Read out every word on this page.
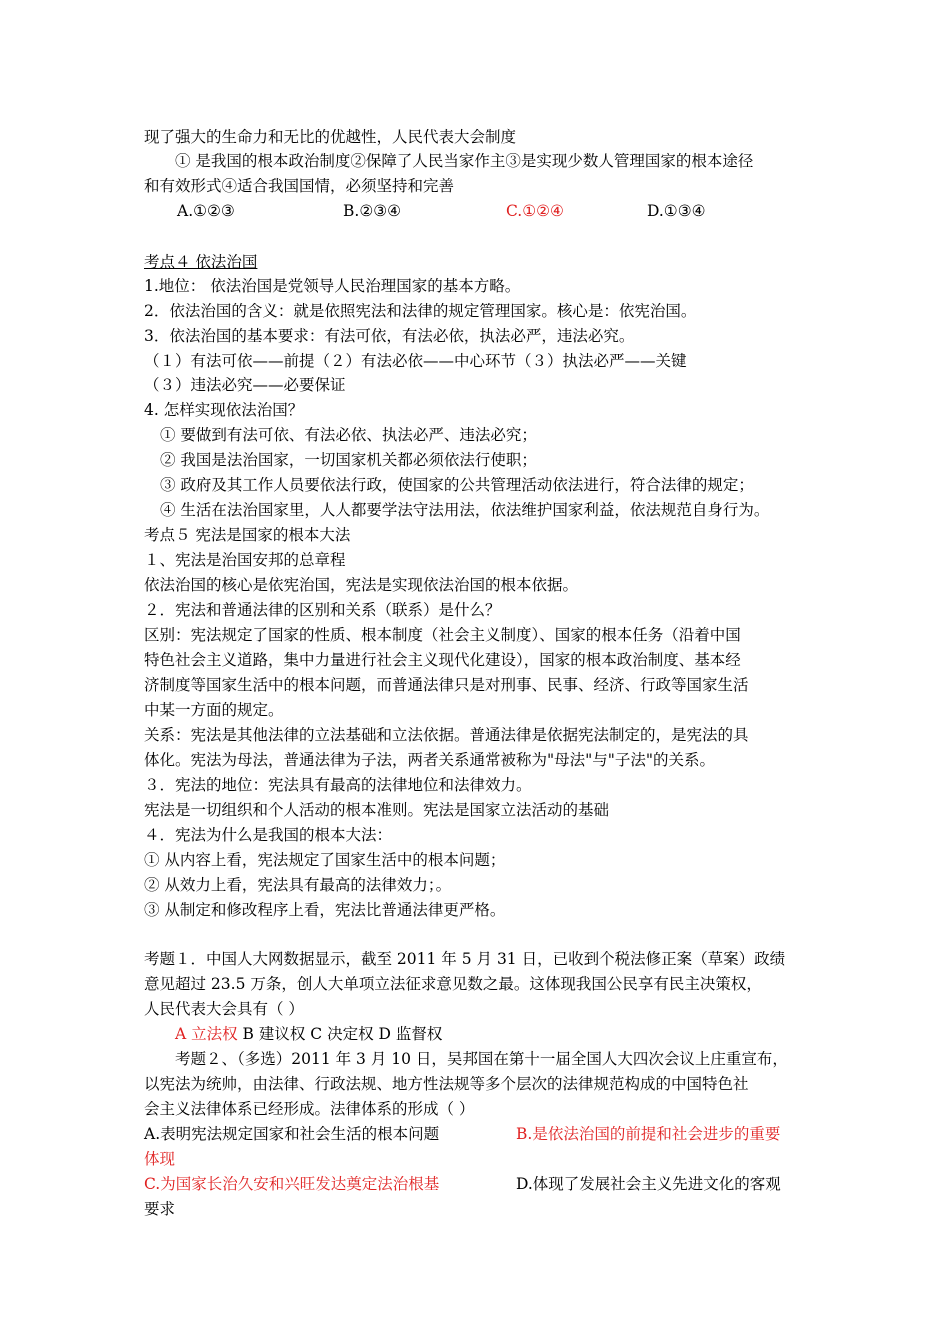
现了强大的生命力和无比的优越性，人民代表大会制度
① 是我国的根本政治制度②保障了人民当家作主③是实现少数人管理国家的根本途径
和有效形式④适合我国国情，必须坚持和完善
A.①②③	B.②③④	C.①②④	D.①③④
考点４ 依法治国
1.地位： 依法治国是党领导人民治理国家的基本方略。
2．依法治国的含义：就是依照宪法和法律的规定管理国家。核心是：依宪治国。
3．依法治国的基本要求：有法可依，有法必依，执法必严，违法必究。
（１）有法可依——前提（２）有法必依——中心环节（３）执法必严——关键
（３）违法必究——必要保证
4. 怎样实现依法治国？
① 要做到有法可依、有法必依、执法必严、违法必究；
② 我国是法治国家，一切国家机关都必须依法行使职；
③ 政府及其工作人员要依法行政，使国家的公共管理活动依法进行，符合法律的规定；
④ 生活在法治国家里，人人都要学法守法用法，依法维护国家利益，依法规范自身行为。
考点５ 宪法是国家的根本大法
１、宪法是治国安邦的总章程
依法治国的核心是依宪治国，宪法是实现依法治国的根本依据。
２．宪法和普通法律的区别和关系（联系）是什么？
区别：宪法规定了国家的性质、根本制度（社会主义制度）、国家的根本任务（沿着中国
特色社会主义道路，集中力量进行社会主义现代化建设），国家的根本政治制度、基本经
济制度等国家生活中的根本问题，而普通法律只是对刑事、民事、经济、行政等国家生活
中某一方面的规定。
关系：宪法是其他法律的立法基础和立法依据。普通法律是依据宪法制定的，是宪法的具
体化。宪法为母法，普通法律为子法，两者关系通常被称为"母法"与"子法"的关系。
３．宪法的地位：宪法具有最高的法律地位和法律效力。
宪法是一切组织和个人活动的根本准则。宪法是国家立法活动的基础
４．宪法为什么是我国的根本大法：
① 从内容上看，宪法规定了国家生活中的根本问题；
② 从效力上看，宪法具有最高的法律效力；。
③ 从制定和修改程序上看，宪法比普通法律更严格。
考题１．中国人大网数据显示，截至 2011 年 5 月 31 日，已收到个税法修正案（草案）政绩
意见超过 23.5 万条，创人大单项立法征求意见数之最。这体现我国公民享有民主决策权，
人民代表大会具有（ ）
A 立法权 B 建议权 C 决定权 D 监督权
考题２、（多选）2011 年 3 月 10 日，吴邦国在第十一届全国人大四次会议上庄重宣布，
以宪法为统帅，由法律、行政法规、地方性法规等多个层次的法律规范构成的中国特色社
会主义法律体系已经形成。法律体系的形成（ ）
A.表明宪法规定国家和社会生活的根本问题	B.是依法治国的前提和社会进步的重要
体现
C.为国家长治久安和兴旺发达奠定法治根基	D.体现了发展社会主义先进文化的客观
要求
